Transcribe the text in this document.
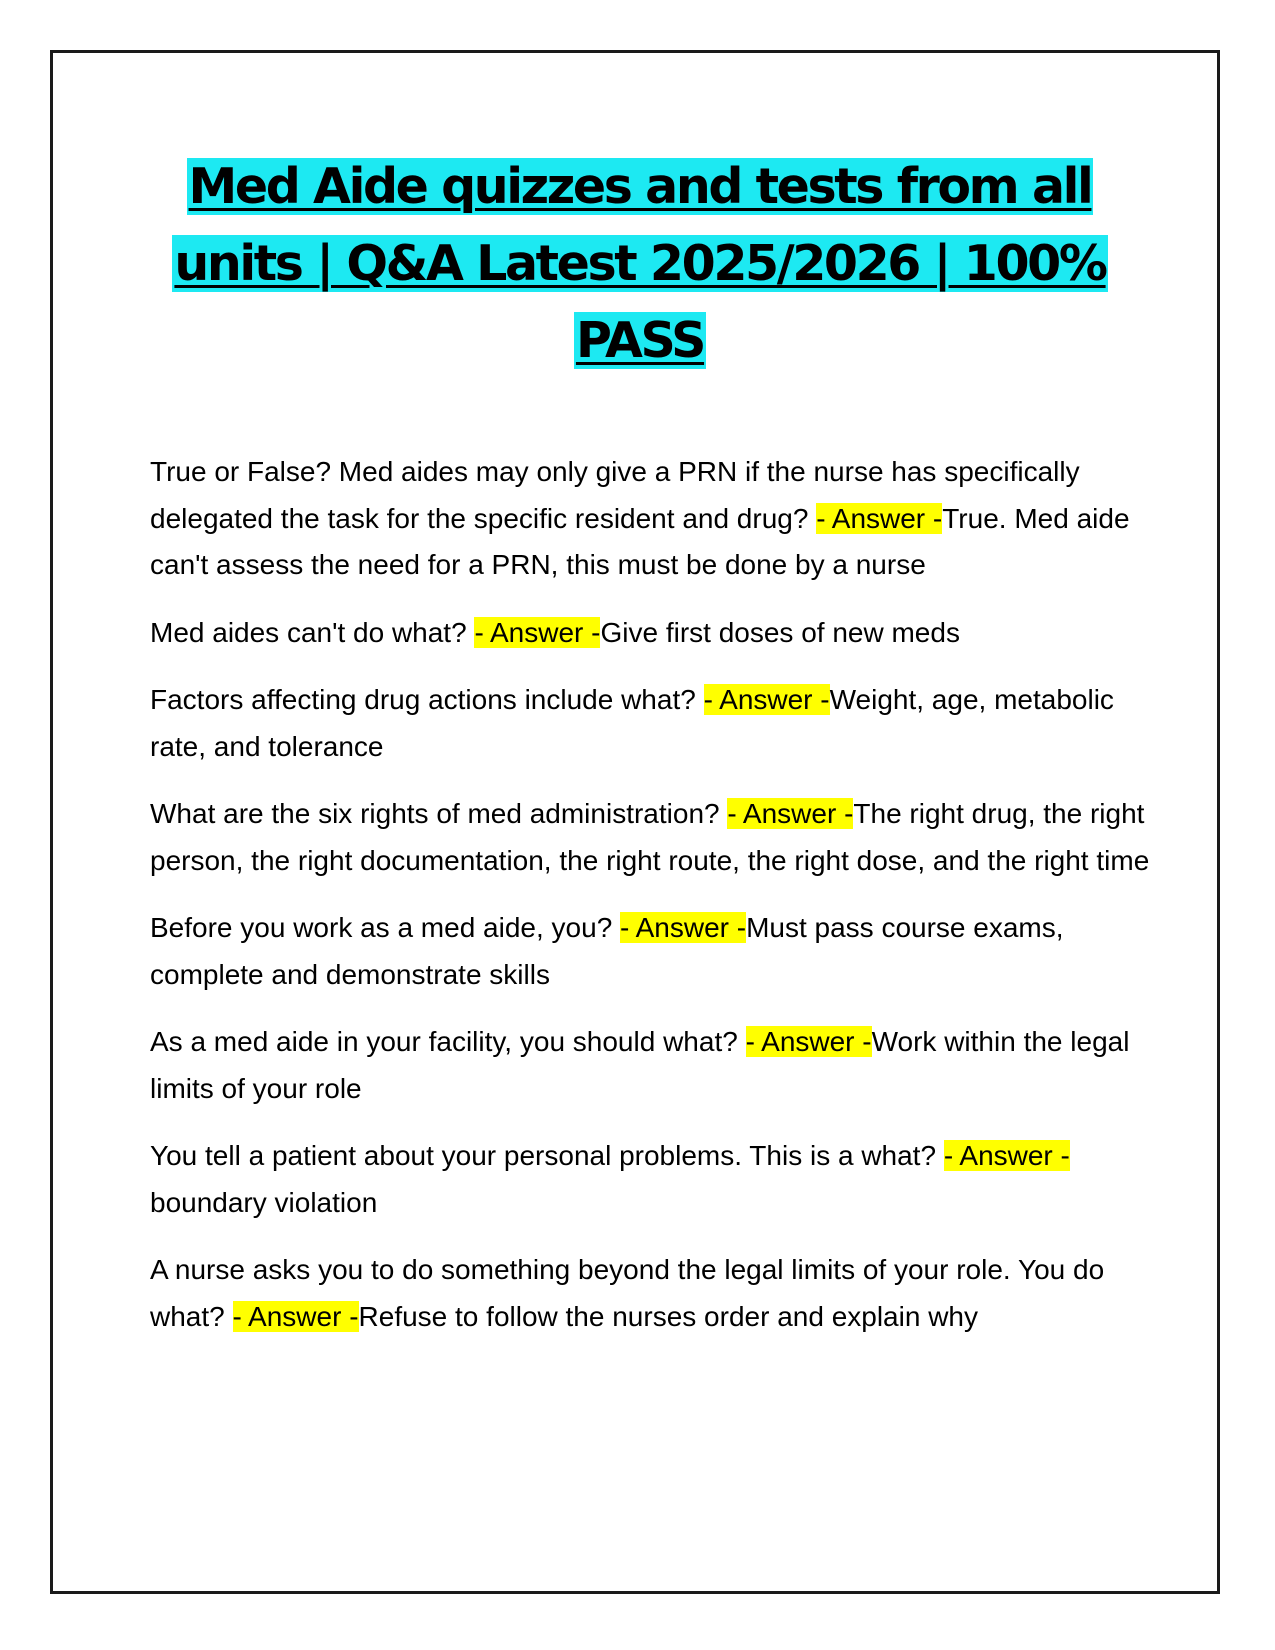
Med Aide quizzes and tests from all units | Q&A Latest 2025/2026 | 100% PASS

True or False? Med aides may only give a PRN if the nurse has specifically delegated the task for the specific resident and drug? - Answer -True. Med aide can't assess the need for a PRN, this must be done by a nurse

Med aides can't do what? - Answer -Give first doses of new meds

Factors affecting drug actions include what? - Answer -Weight, age, metabolic rate, and tolerance

What are the six rights of med administration? - Answer -The right drug, the right person, the right documentation, the right route, the right dose, and the right time

Before you work as a med aide, you? - Answer -Must pass course exams, complete and demonstrate skills

As a med aide in your facility, you should what? - Answer -Work within the legal limits of your role

You tell a patient about your personal problems. This is a what? - Answer -boundary violation

A nurse asks you to do something beyond the legal limits of your role. You do what? - Answer -Refuse to follow the nurses order and explain why
